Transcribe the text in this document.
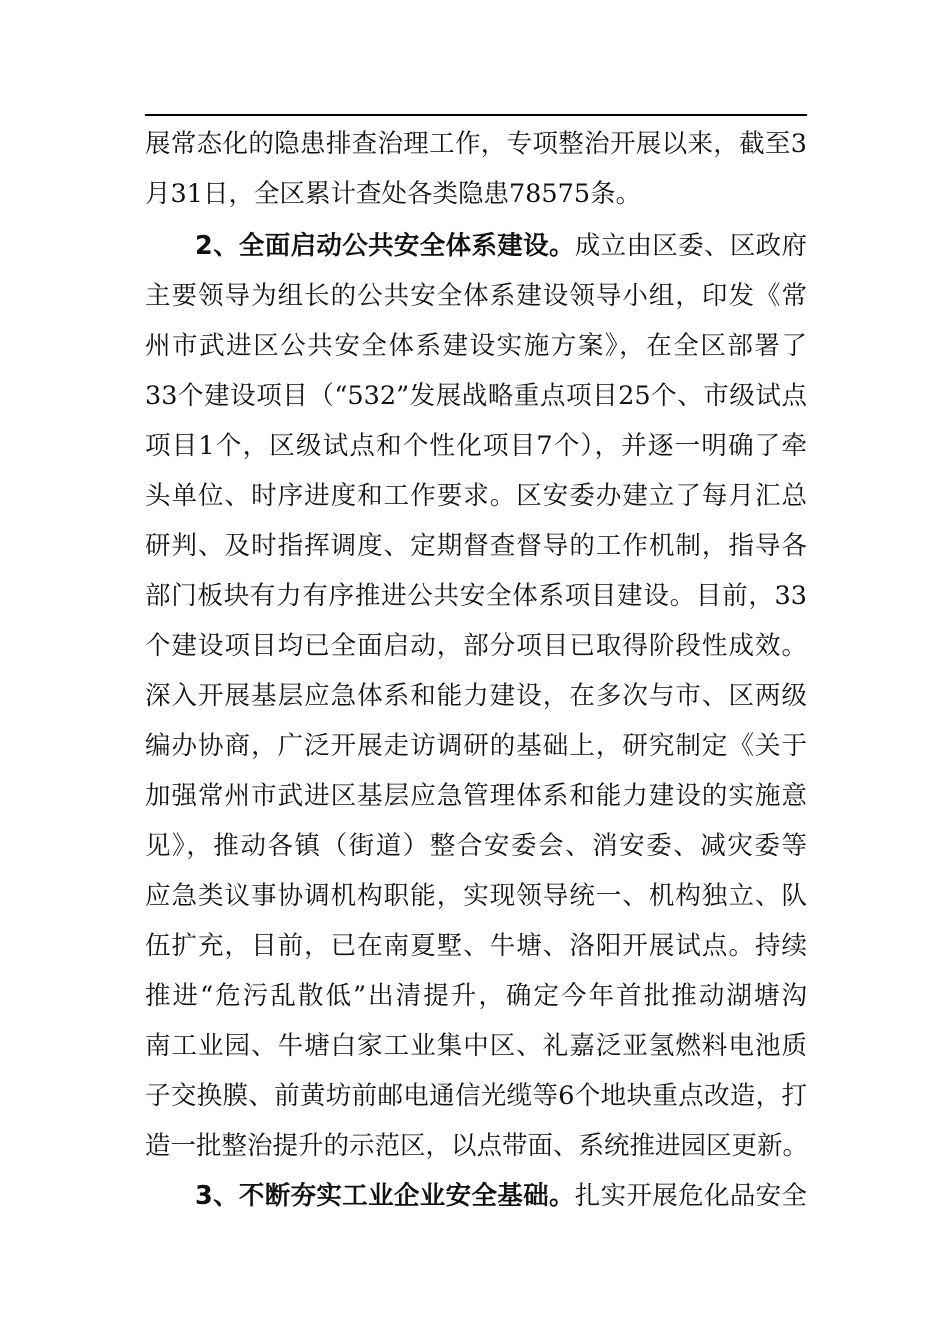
展常态化的隐患排查治理工作，专项整治开展以来，截至3
月31日，全区累计查处各类隐患78575条。
2、全面启动公共安全体系建设。成立由区委、区政府
主要领导为组长的公共安全体系建设领导小组，印发《常
州市武进区公共安全体系建设实施方案》，在全区部署了
33个建设项目（“532”发展战略重点项目25个、市级试点
项目1个，区级试点和个性化项目7个），并逐一明确了牵
头单位、时序进度和工作要求。区安委办建立了每月汇总
研判、及时指挥调度、定期督查督导的工作机制，指导各
部门板块有力有序推进公共安全体系项目建设。目前，33
个建设项目均已全面启动，部分项目已取得阶段性成效。
深入开展基层应急体系和能力建设，在多次与市、区两级
编办协商，广泛开展走访调研的基础上，研究制定《关于
加强常州市武进区基层应急管理体系和能力建设的实施意
见》，推动各镇（街道）整合安委会、消安委、减灾委等
应急类议事协调机构职能，实现领导统一、机构独立、队
伍扩充，目前，已在南夏墅、牛塘、洛阳开展试点。持续
推进“危污乱散低”出清提升，确定今年首批推动湖塘沟
南工业园、牛塘白家工业集中区、礼嘉泛亚氢燃料电池质
子交换膜、前黄坊前邮电通信光缆等6个地块重点改造，打
造一批整治提升的示范区，以点带面、系统推进园区更新。
3、不断夯实工业企业安全基础。扎实开展危化品安全
